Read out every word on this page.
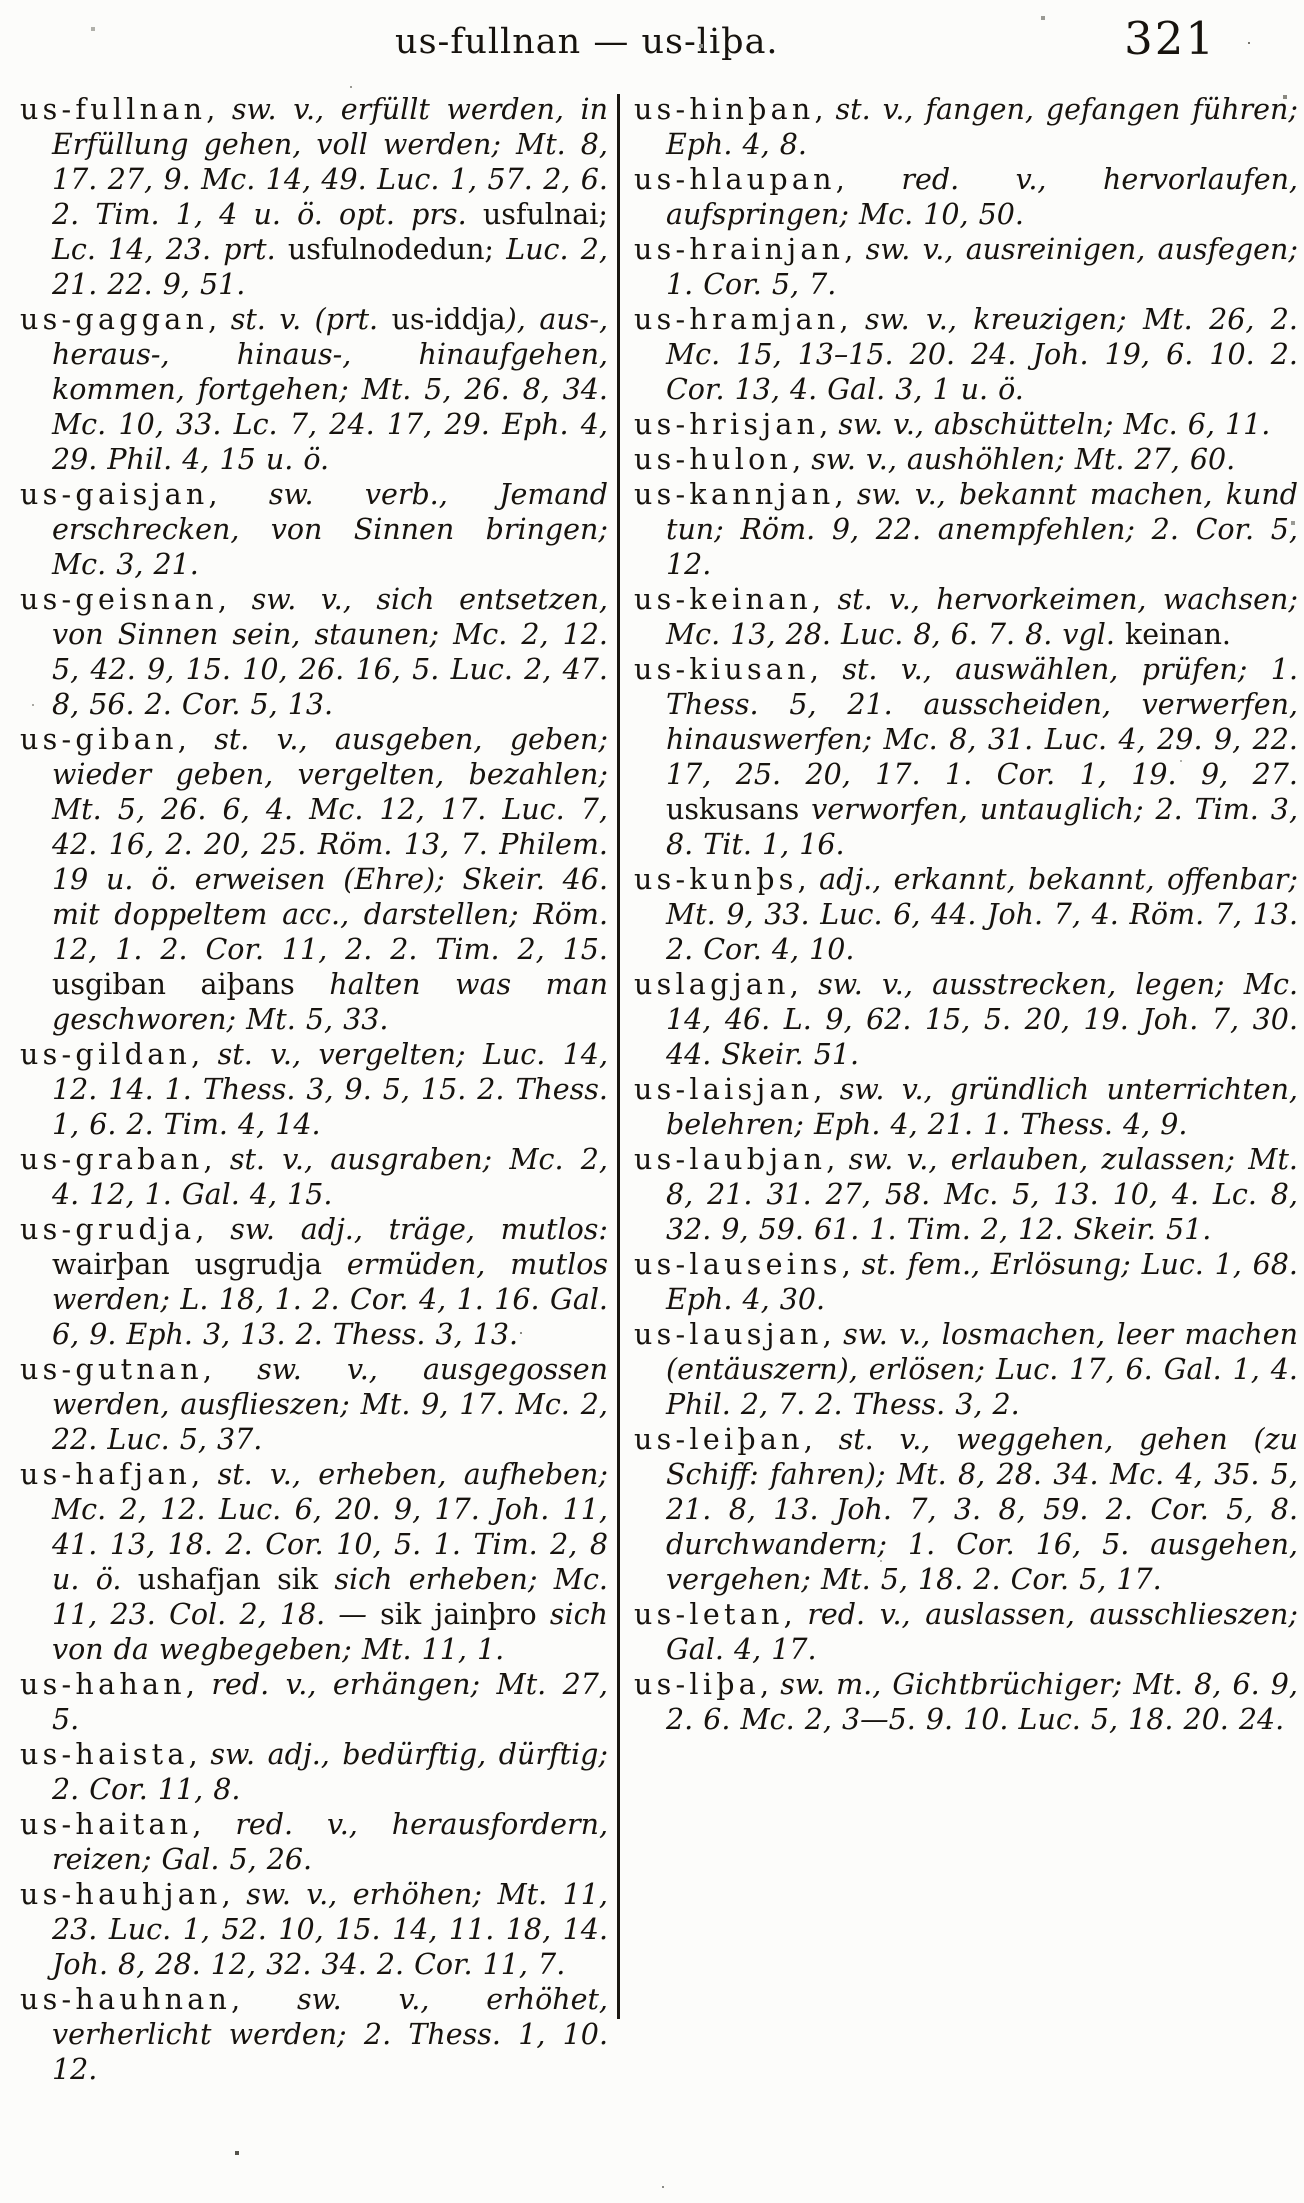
us-fullnan — us-liþa.	321

us-fullnan, sw. v., erfüllt werden, in Erfüllung gehen, voll werden; Mt. 8, 17. 27, 9. Mc. 14, 49. Luc. 1, 57. 2, 6. 2. Tim. 1, 4 u. ö. opt. prs. usfulnai; Lc. 14, 23. prt. usfulnodedun; Luc. 2, 21. 22. 9, 51.

us-gaggan, st. v. (prt. us-iddja), aus-, heraus-, hinaus-, hinaufgehen, kommen, fortgehen; Mt. 5, 26. 8, 34. Mc. 10, 33. Lc. 7, 24. 17, 29. Eph. 4, 29. Phil. 4, 15 u. ö.

us-gaisjan, sw. verb., Jemand erschrecken, von Sinnen bringen; Mc. 3, 21.

us-geisnan, sw. v., sich entsetzen, von Sinnen sein, staunen; Mc. 2, 12. 5, 42. 9, 15. 10, 26. 16, 5. Luc. 2, 47. 8, 56. 2. Cor. 5, 13.

us-giban, st. v., ausgeben, geben; wieder geben, vergelten, bezahlen; Mt. 5, 26. 6, 4. Mc. 12, 17. Luc. 7, 42. 16, 2. 20, 25. Röm. 13, 7. Philem. 19 u. ö. erweisen (Ehre); Skeir. 46. mit doppeltem acc., darstellen; Röm. 12, 1. 2. Cor. 11, 2. 2. Tim. 2, 15. usgiban aiþans halten was man geschworen; Mt. 5, 33.

us-gildan, st. v., vergelten; Luc. 14, 12. 14. 1. Thess. 3, 9. 5, 15. 2. Thess. 1, 6. 2. Tim. 4, 14.

us-graban, st. v., ausgraben; Mc. 2, 4. 12, 1. Gal. 4, 15.

us-grudja, sw. adj., träge, mutlos: wairþan usgrudja ermüden, mutlos werden; L. 18, 1. 2. Cor. 4, 1. 16. Gal. 6, 9. Eph. 3, 13. 2. Thess. 3, 13.

us-gutnan, sw. v., ausgegossen werden, ausflieszen; Mt. 9, 17. Mc. 2, 22. Luc. 5, 37.

us-hafjan, st. v., erheben, aufheben; Mc. 2, 12. Luc. 6, 20. 9, 17. Joh. 11, 41. 13, 18. 2. Cor. 10, 5. 1. Tim. 2, 8 u. ö. ushafjan sik sich erheben; Mc. 11, 23. Col. 2, 18. — sik jainþro sich von da wegbegeben; Mt. 11, 1.

us-hahan, red. v., erhängen; Mt. 27, 5.

us-haista, sw. adj., bedürftig, dürftig; 2. Cor. 11, 8.

us-haitan, red. v., herausfordern, reizen; Gal. 5, 26.

us-hauhjan, sw. v., erhöhen; Mt. 11, 23. Luc. 1, 52. 10, 15. 14, 11. 18, 14. Joh. 8, 28. 12, 32. 34. 2. Cor. 11, 7.

us-hauhnan, sw. v., erhöhet, verherlicht werden; 2. Thess. 1, 10. 12.

us-hinþan, st. v., fangen, gefangen führen; Eph. 4, 8.

us-hlaupan, red. v., hervorlaufen, aufspringen; Mc. 10, 50.

us-hrainjan, sw. v., ausreinigen, ausfegen; 1. Cor. 5, 7.

us-hramjan, sw. v., kreuzigen; Mt. 26, 2. Mc. 15, 13–15. 20. 24. Joh. 19, 6. 10. 2. Cor. 13, 4. Gal. 3, 1 u. ö.

us-hrisjan, sw. v., abschütteln; Mc. 6, 11.

us-hulon, sw. v., aushöhlen; Mt. 27, 60.

us-kannjan, sw. v., bekannt machen, kund tun; Röm. 9, 22. anempfehlen; 2. Cor. 5, 12.

us-keinan, st. v., hervorkeimen, wachsen; Mc. 13, 28. Luc. 8, 6. 7. 8. vgl. keinan.

us-kiusan, st. v., auswählen, prüfen; 1. Thess. 5, 21. ausscheiden, verwerfen, hinauswerfen; Mc. 8, 31. Luc. 4, 29. 9, 22. 17, 25. 20, 17. 1. Cor. 1, 19. 9, 27. uskusans verworfen, untauglich; 2. Tim. 3, 8. Tit. 1, 16.

us-kunþs, adj., erkannt, bekannt, offenbar; Mt. 9, 33. Luc. 6, 44. Joh. 7, 4. Röm. 7, 13. 2. Cor. 4, 10.

uslagjan, sw. v., ausstrecken, legen; Mc. 14, 46. L. 9, 62. 15, 5. 20, 19. Joh. 7, 30. 44. Skeir. 51.

us-laisjan, sw. v., gründlich unterrichten, belehren; Eph. 4, 21. 1. Thess. 4, 9.

us-laubjan, sw. v., erlauben, zulassen; Mt. 8, 21. 31. 27, 58. Mc. 5, 13. 10, 4. Lc. 8, 32. 9, 59. 61. 1. Tim. 2, 12. Skeir. 51.

us-lauseins, st. fem., Erlösung; Luc. 1, 68. Eph. 4, 30.

us-lausjan, sw. v., losmachen, leer machen (entäuszern), erlösen; Luc. 17, 6. Gal. 1, 4. Phil. 2, 7. 2. Thess. 3, 2.

us-leiþan, st. v., weggehen, gehen (zu Schiff: fahren); Mt. 8, 28. 34. Mc. 4, 35. 5, 21. 8, 13. Joh. 7, 3. 8, 59. 2. Cor. 5, 8. durchwandern; 1. Cor. 16, 5. ausgehen, vergehen; Mt. 5, 18. 2. Cor. 5, 17.

us-letan, red. v., auslassen, ausschlieszen; Gal. 4, 17.

us-liþa, sw. m., Gichtbrüchiger; Mt. 8, 6. 9, 2. 6. Mc. 2, 3—5. 9. 10. Luc. 5, 18. 20. 24.
